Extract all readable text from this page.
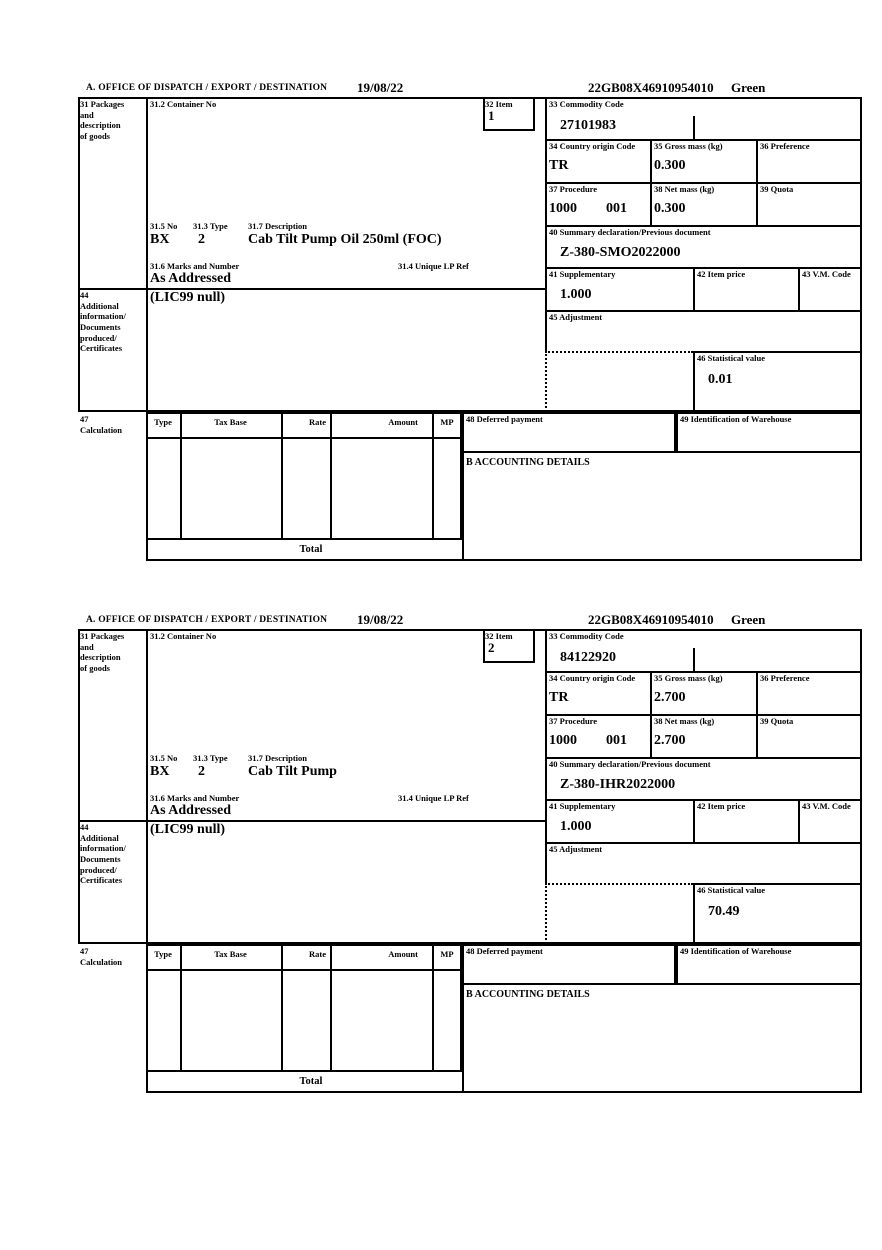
A. OFFICE OF DISPATCH / EXPORT / DESTINATION 19/08/22	22GB08X46910954010 Green
31 Packages
and
description
of goods
31.2 Container No	32 Item
1
33 Commodity Code
27101983
34 Country origin Code
TR
35 Gross mass (kg)
0.300
36 Preference
37 Procedure
1000 001
38 Net mass (kg)
0.300
39 Quota
31.5 No 31.3 Type 31.7 Description
BX 2	Cab Tilt Pump Oil 250ml (FOC)
31.6 Marks and Number	31.4 Unique LP Ref
As Addressed
40 Summary declaration/Previous document
Z-380-SMO2022000
41 Supplementary
1.000
42 Item price	43 V.M. Code
44
Additional
information/
Documents
produced/
Certificates
(LIC99 null)
45 Adjustment
46 Statistical value
0.01
47
Calculation
Type	Tax Base	Rate	Amount	MP	48 Deferred payment	49 Identification of Warehouse
B ACCOUNTING DETAILS
Total
A. OFFICE OF DISPATCH / EXPORT / DESTINATION 19/08/22	22GB08X46910954010 Green
31 Packages
and
description
of goods
31.2 Container No	32 Item
2
33 Commodity Code
84122920
34 Country origin Code
TR
35 Gross mass (kg)
2.700
36 Preference
37 Procedure
1000 001
38 Net mass (kg)
2.700
39 Quota
31.5 No 31.3 Type 31.7 Description
BX 2	Cab Tilt Pump
31.6 Marks and Number	31.4 Unique LP Ref
As Addressed
40 Summary declaration/Previous document
Z-380-IHR2022000
41 Supplementary
1.000
42 Item price	43 V.M. Code
44
Additional
information/
Documents
produced/
Certificates
(LIC99 null)
45 Adjustment
46 Statistical value
70.49
47
Calculation
Type	Tax Base	Rate	Amount	MP	48 Deferred payment	49 Identification of Warehouse
B ACCOUNTING DETAILS
Total
